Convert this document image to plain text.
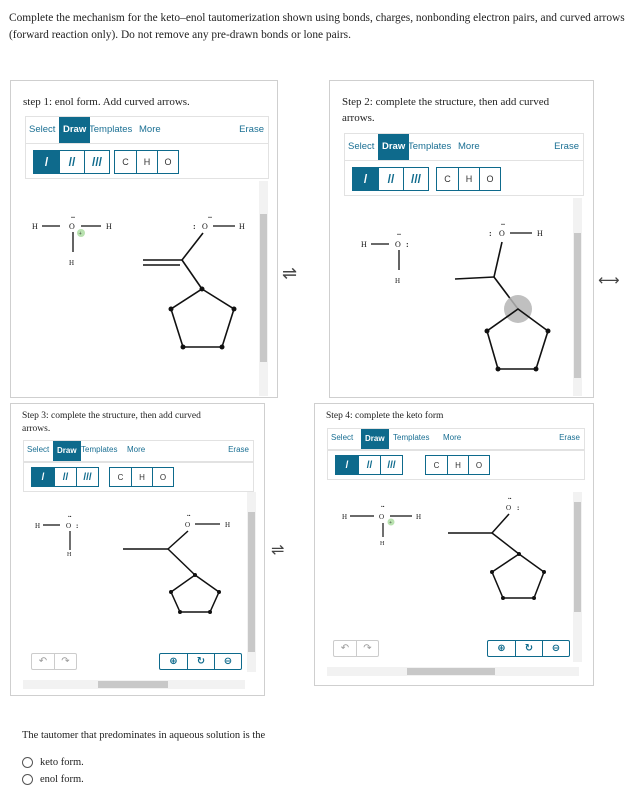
Complete the mechanism for the keto–enol tautomerization shown using bonds, charges, nonbonding electron pairs, and curved arrows (forward reaction only). Do not remove any pre-drawn bonds or lone pairs.
step 1: enol form. Add curved arrows.
Select Draw Templates More	Erase
/	//	///	C	H	O
H
..
O
+
H
H
..
: O	H
⇌
Step 2: complete the structure, then add curved arrows.
Select Draw Templates More	Erase
/	//	///	C	H	O
H
..
O :
H
..
: O	H
⟷
Step 3: complete the structure, then add curved arrows.
Select Draw Templates More	Erase
/	//	///	C	H	O
↶	↷	⊕	↻	⊖
H
..
O :
H
..
O	H
⇌
Step 4: complete the keto form
Select	Draw	Templates More	Erase
/	//	///	C	H	O
↶	↷	⊕	↻	⊖
H
..
O
+
H
H
..
O :
The tautomer that predominates in aqueous solution is the
keto form.
enol form.
